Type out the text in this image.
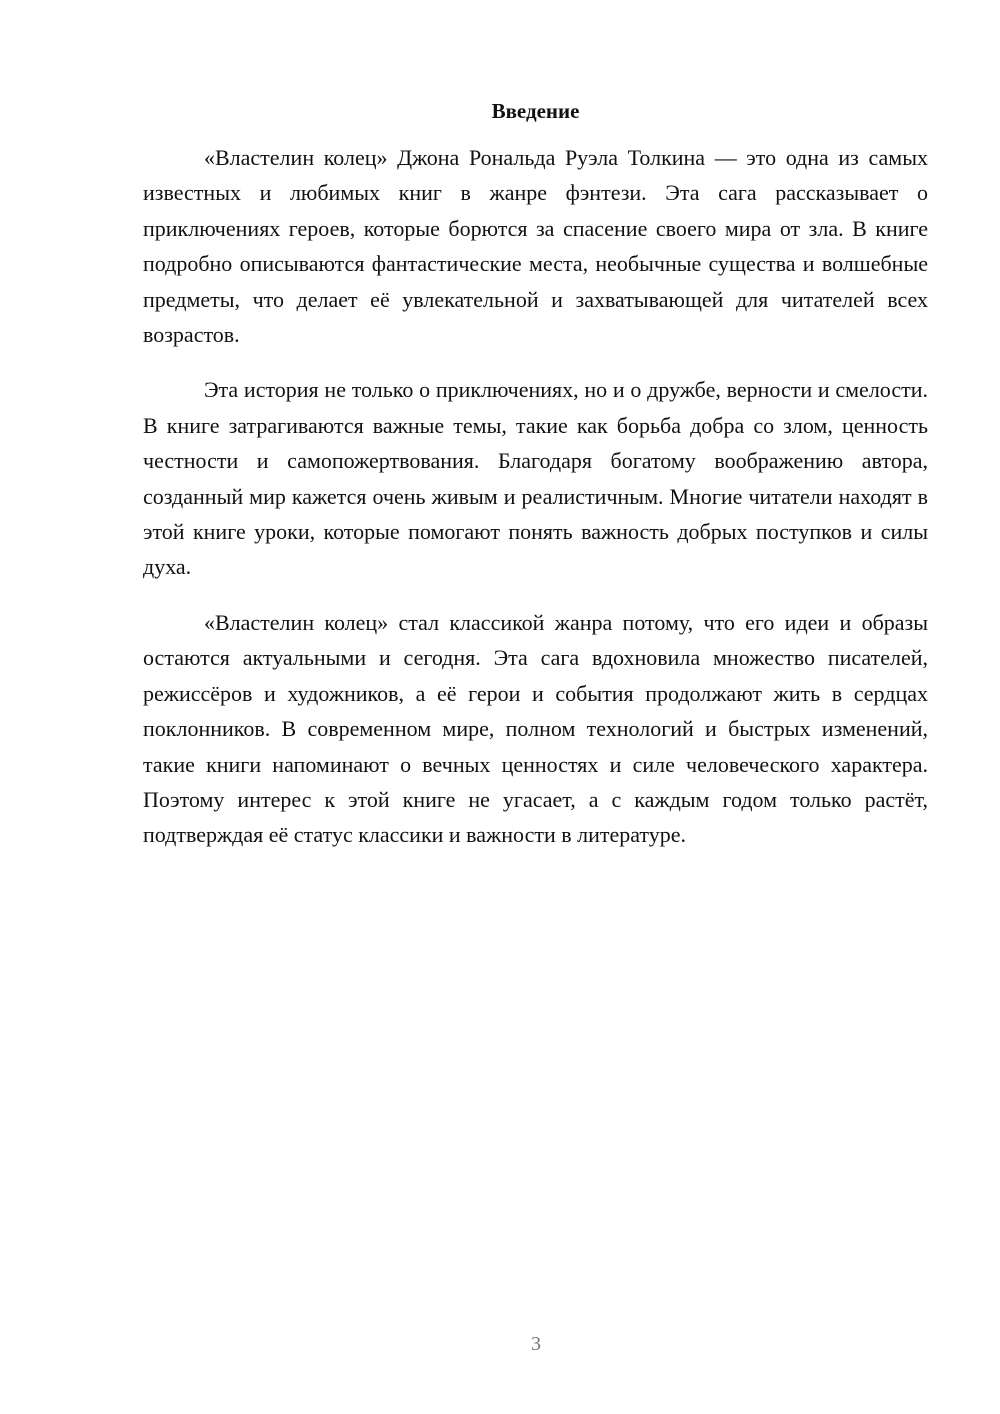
Введение

«Властелин колец» Джона Рональда Руэла Толкина — это одна из самых известных и любимых книг в жанре фэнтези. Эта сага рассказывает о приключениях героев, которые борются за спасение своего мира от зла. В книге подробно описываются фантастические места, необычные существа и волшебные предметы, что делает её увлекательной и захватывающей для читателей всех возрастов.

Эта история не только о приключениях, но и о дружбе, верности и смелости. В книге затрагиваются важные темы, такие как борьба добра со злом, ценность честности и самопожертвования. Благодаря богатому воображению автора, созданный мир кажется очень живым и реалистичным. Многие читатели находят в этой книге уроки, которые помогают понять важность добрых поступков и силы духа.

«Властелин колец» стал классикой жанра потому, что его идеи и образы остаются актуальными и сегодня. Эта сага вдохновила множество писателей, режиссёров и художников, а её герои и события продолжают жить в сердцах поклонников. В современном мире, полном технологий и быстрых изменений, такие книги напоминают о вечных ценностях и силе человеческого характера. Поэтому интерес к этой книге не угасает, а с каждым годом только растёт, подтверждая её статус классики и важности в литературе.

3
